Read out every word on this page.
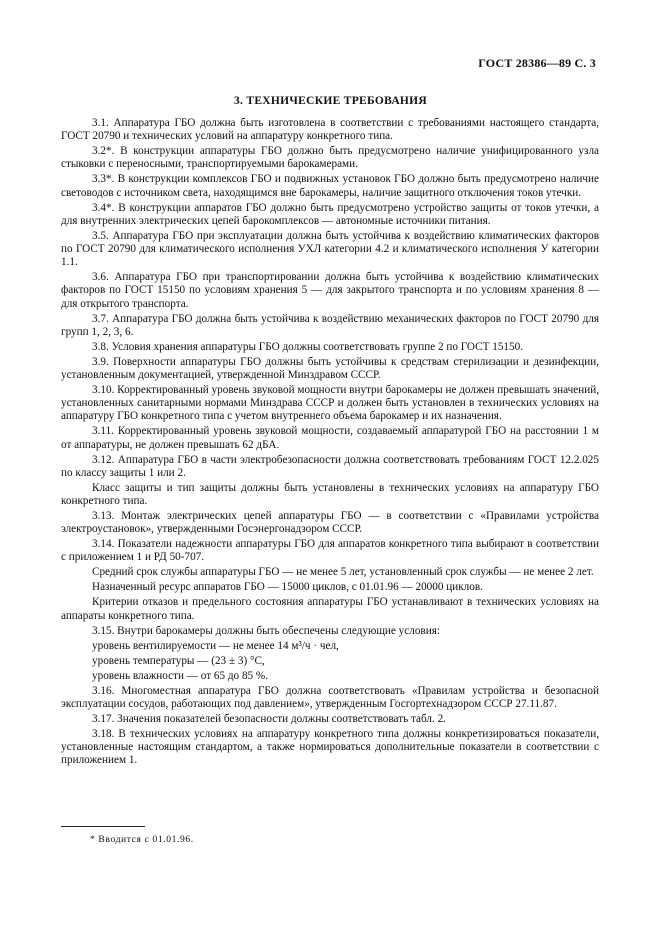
ГОСТ 28386—89 С. 3
3. ТЕХНИЧЕСКИЕ ТРЕБОВАНИЯ

3.1. Аппаратура ГБО должна быть изготовлена в соответствии с требованиями настоящего стандарта, ГОСТ 20790 и технических условий на аппаратуру конкретного типа.

3.2*. В конструкции аппаратуры ГБО должно быть предусмотрено наличие унифицированного узла стыковки с переносными, транспортируемыми барокамерами.

3.3*. В конструкции комплексов ГБО и подвижных установок ГБО должно быть предусмотрено наличие световодов с источником света, находящимся вне барокамеры, наличие защитного отключения токов утечки.

3.4*. В конструкции аппаратов ГБО должно быть предусмотрено устройство защиты от токов утечки, а для внутренних электрических цепей барокомплексов — автономные источники питания.

3.5. Аппаратура ГБО при эксплуатации должна быть устойчива к воздействию климатических факторов по ГОСТ 20790 для климатического исполнения УХЛ категории 4.2 и климатического исполнения У категории 1.1.

3.6. Аппаратура ГБО при транспортировании должна быть устойчива к воздействию климатических факторов по ГОСТ 15150 по условиям хранения 5 — для закрытого транспорта и по условиям хранения 8 — для открытого транспорта.

3.7. Аппаратура ГБО должна быть устойчива к воздействию механических факторов по ГОСТ 20790 для групп 1, 2, 3, 6.

3.8. Условия хранения аппаратуры ГБО должны соответствовать группе 2 по ГОСТ 15150.

3.9. Поверхности аппаратуры ГБО должны быть устойчивы к средствам стерилизации и дезинфекции, установленным документацией, утвержденной Минздравом СССР.

3.10. Корректированный уровень звуковой мощности внутри барокамеры не должен превышать значений, установленных санитарными нормами Минздрава СССР и должен быть установлен в технических условиях на аппаратуру ГБО конкретного типа с учетом внутреннего объема барокамер и их назначения.

3.11. Корректированный уровень звуковой мощности, создаваемый аппаратурой ГБО на расстоянии 1 м от аппаратуры, не должен превышать 62 дБА.

3.12. Аппаратура ГБО в части электробезопасности должна соответствовать требованиям ГОСТ 12.2.025 по классу защиты 1 или 2.

Класс защиты и тип защиты должны быть установлены в технических условиях на аппаратуру ГБО конкретного типа.

3.13. Монтаж электрических цепей аппаратуры ГБО — в соответствии с «Правилами устройства электроустановок», утвержденными Госэнергонадзором СССР.

3.14. Показатели надежности аппаратуры ГБО для аппаратов конкретного типа выбирают в соответствии с приложением 1 и РД 50-707.

Средний срок службы аппаратуры ГБО — не менее 5 лет, установленный срок службы — не менее 2 лет.

Назначенный ресурс аппаратов ГБО — 15000 циклов, с 01.01.96 — 20000 циклов.

Критерии отказов и предельного состояния аппаратуры ГБО устанавливают в технических условиях на аппараты конкретного типа.

3.15. Внутри барокамеры должны быть обеспечены следующие условия:

уровень вентилируемости — не менее 14 м³/ч · чел,

уровень температуры — (23 ± 3) °С,

уровень влажности — от 65 до 85 %.

3.16. Многоместная аппаратура ГБО должна соответствовать «Правилам устройства и безопасной эксплуатации сосудов, работающих под давлением», утвержденным Госгортехнадзором СССР 27.11.87.

3.17. Значения показателей безопасности должны соответствовать табл. 2.

3.18. В технических условиях на аппаратуру конкретного типа должны конкретизироваться показатели, установленные настоящим стандартом, а также нормироваться дополнительные показатели в соответствии с приложением 1.

* Вводится с 01.01.96.
